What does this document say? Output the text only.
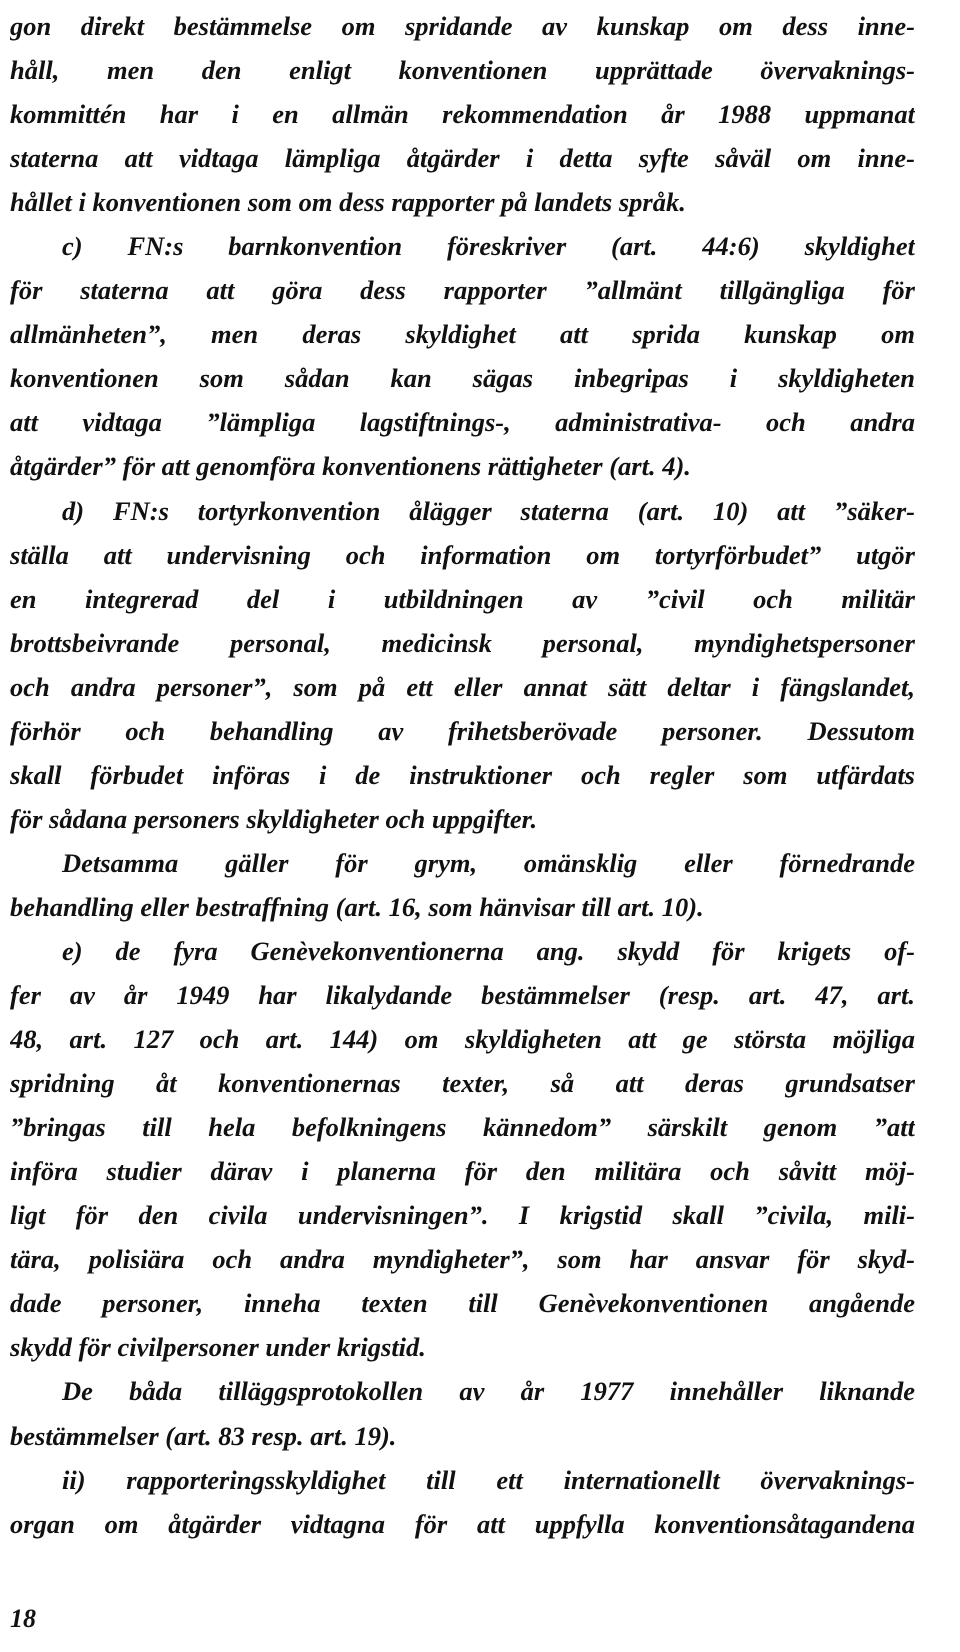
gon direkt bestämmelse om spridande av kunskap om dess inne-
håll, men den enligt konventionen upprättade övervaknings-
kommittén har i en allmän rekommendation år 1988 uppmanat
staterna att vidtaga lämpliga åtgärder i detta syfte såväl om inne-
hållet i konventionen som om dess rapporter på landets språk.
c) FN:s barnkonvention föreskriver (art. 44:6) skyldighet
för staterna att göra dess rapporter ”allmänt tillgängliga för
allmänheten”, men deras skyldighet att sprida kunskap om
konventionen som sådan kan sägas inbegripas i skyldigheten
att vidtaga ”lämpliga lagstiftnings-, administrativa- och andra
åtgärder” för att genomföra konventionens rättigheter (art. 4).
d) FN:s tortyrkonvention ålägger staterna (art. 10) att ”säker-
ställa att undervisning och information om tortyrförbudet” utgör
en integrerad del i utbildningen av ”civil och militär
brottsbeivrande personal, medicinsk personal, myndighetspersoner
och andra personer”, som på ett eller annat sätt deltar i fängslandet,
förhör och behandling av frihetsberövade personer. Dessutom
skall förbudet införas i de instruktioner och regler som utfärdats
för sådana personers skyldigheter och uppgifter.
Detsamma gäller för grym, omänsklig eller förnedrande
behandling eller bestraffning (art. 16, som hänvisar till art. 10).
e) de fyra Genèvekonventionerna ang. skydd för krigets of-
fer av år 1949 har likalydande bestämmelser (resp. art. 47, art.
48, art. 127 och art. 144) om skyldigheten att ge största möjliga
spridning åt konventionernas texter, så att deras grundsatser
”bringas till hela befolkningens kännedom” särskilt genom ”att
införa studier därav i planerna för den militära och såvitt möj-
ligt för den civila undervisningen”. I krigstid skall ”civila, mili-
tära, polisiära och andra myndigheter”, som har ansvar för skyd-
dade personer, inneha texten till Genèvekonventionen angående
skydd för civilpersoner under krigstid.
De båda tilläggsprotokollen av år 1977 innehåller liknande
bestämmelser (art. 83 resp. art. 19).
ii) rapporteringsskyldighet till ett internationellt övervaknings-
organ om åtgärder vidtagna för att uppfylla konventionsåtagandena
18
